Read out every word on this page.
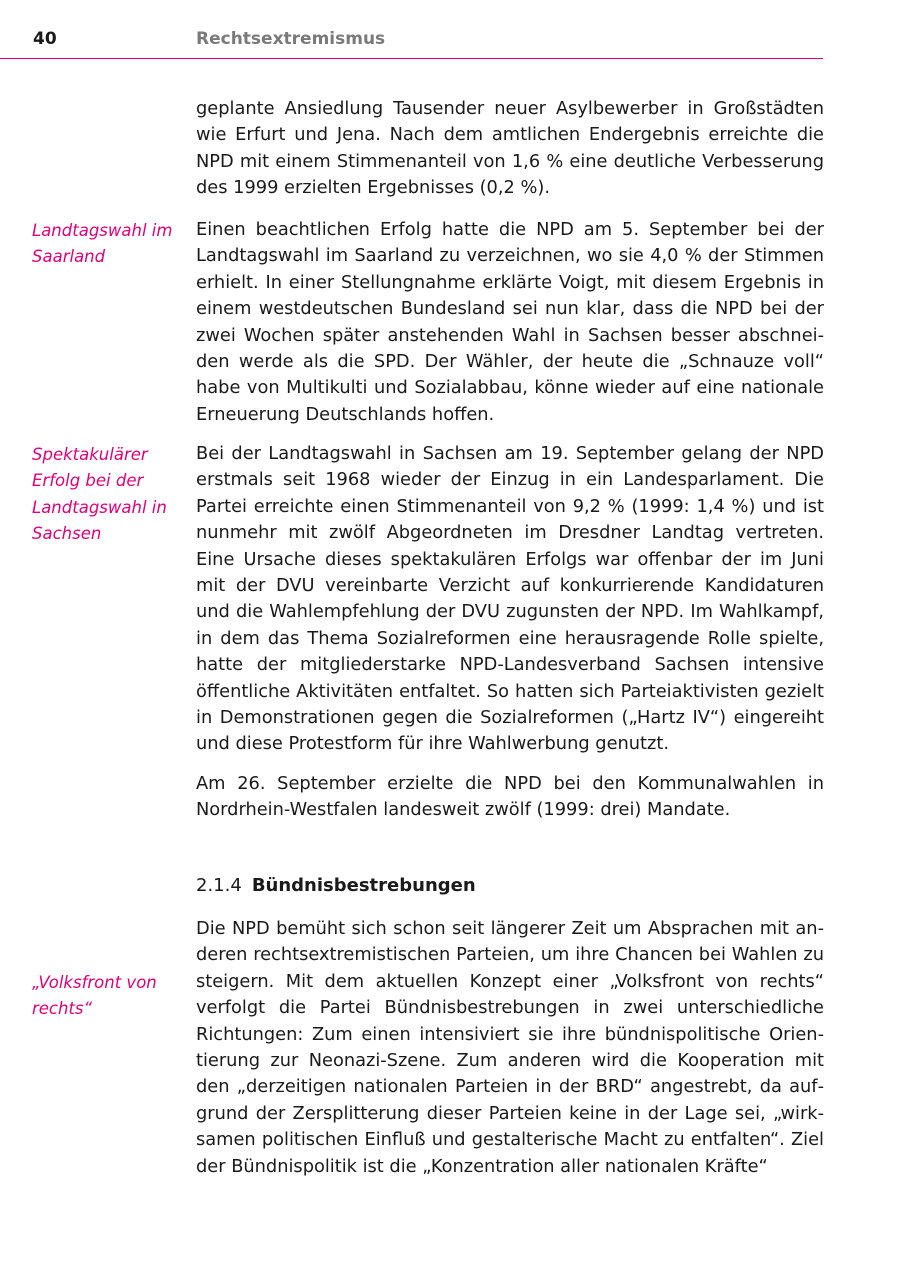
40	Rechtsextremismus
Landtagswahl im Saarland
Spektakulärer Erfolg bei der Landtagswahl in Sachsen
„Volksfront von rechts“

geplante Ansiedlung Tausender neuer Asylbewerber in Großstädten wie Erfurt und Jena. Nach dem amtlichen Endergebnis erreichte die NPD mit einem Stimmenanteil von 1,6 % eine deutliche Verbesserung des 1999 erzielten Ergebnisses (0,2 %).

Einen beachtlichen Erfolg hatte die NPD am 5. September bei der Landtagswahl im Saarland zu verzeichnen, wo sie 4,0 % der Stimmen erhielt. In einer Stellungnahme erklärte Voigt, mit diesem Ergebnis in einem westdeutschen Bundesland sei nun klar, dass die NPD bei der zwei Wochen später anstehenden Wahl in Sachsen besser abschneiden werde als die SPD. Der Wähler, der heute die „Schnauze voll“ habe von Multikulti und Sozialabbau, könne wieder auf eine nationale Erneuerung Deutschlands hoffen.

Bei der Landtagswahl in Sachsen am 19. September gelang der NPD erstmals seit 1968 wieder der Einzug in ein Landesparlament. Die Partei erreichte einen Stimmenanteil von 9,2 % (1999: 1,4 %) und ist nunmehr mit zwölf Abgeordneten im Dresdner Landtag vertreten. Eine Ursache dieses spektakulären Erfolgs war offenbar der im Juni mit der DVU vereinbarte Verzicht auf konkurrierende Kandidaturen und die Wahlempfehlung der DVU zugunsten der NPD. Im Wahlkampf, in dem das Thema Sozialreformen eine herausragende Rolle spielte, hatte der mitgliederstarke NPD-Landesverband Sachsen intensive öffentliche Aktivitäten entfaltet. So hatten sich Parteiaktivisten gezielt in Demonstrationen gegen die Sozialreformen („Hartz IV“) eingereiht und diese Protestform für ihre Wahlwerbung genutzt.

Am 26. September erzielte die NPD bei den Kommunalwahlen in Nordrhein-Westfalen landesweit zwölf (1999: drei) Mandate.

2.1.4 Bündnisbestrebungen

Die NPD bemüht sich schon seit längerer Zeit um Absprachen mit anderen rechtsextremistischen Parteien, um ihre Chancen bei Wahlen zu steigern. Mit dem aktuellen Konzept einer „Volksfront von rechts“ verfolgt die Partei Bündnisbestrebungen in zwei unterschiedliche Richtungen: Zum einen intensiviert sie ihre bündnispolitische Orientierung zur Neonazi-Szene. Zum anderen wird die Kooperation mit den „derzeitigen nationalen Parteien in der BRD“ angestrebt, da aufgrund der Zersplitterung dieser Parteien keine in der Lage sei, „wirksamen politischen Einfluß und gestalterische Macht zu entfalten“. Ziel der Bündnispolitik ist die „Konzentration aller nationalen Kräfte“
